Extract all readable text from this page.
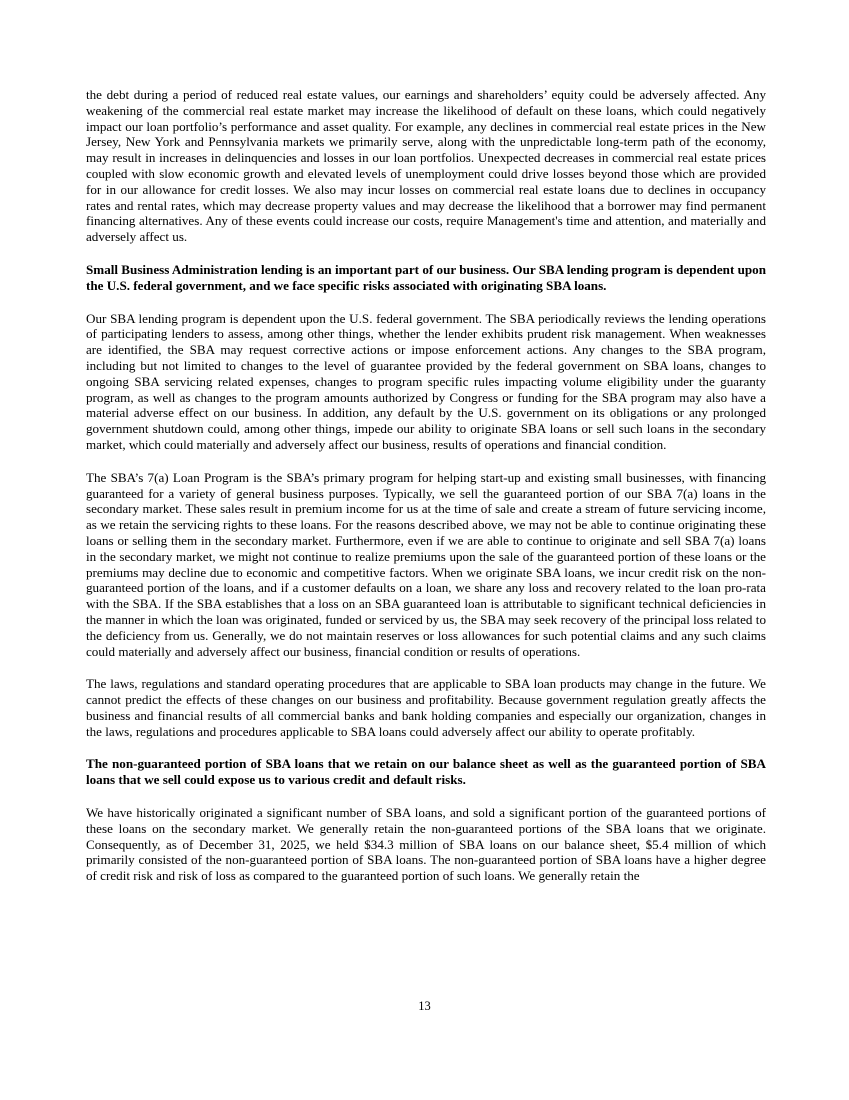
the debt during a period of reduced real estate values, our earnings and shareholders’ equity could be adversely affected. Any weakening of the commercial real estate market may increase the likelihood of default on these loans, which could negatively impact our loan portfolio’s performance and asset quality. For example, any declines in commercial real estate prices in the New Jersey, New York and Pennsylvania markets we primarily serve, along with the unpredictable long-term path of the economy, may result in increases in delinquencies and losses in our loan portfolios. Unexpected decreases in commercial real estate prices coupled with slow economic growth and elevated levels of unemployment could drive losses beyond those which are provided for in our allowance for credit losses. We also may incur losses on commercial real estate loans due to declines in occupancy rates and rental rates, which may decrease property values and may decrease the likelihood that a borrower may find permanent financing alternatives. Any of these events could increase our costs, require Management's time and attention, and materially and adversely affect us.

Small Business Administration lending is an important part of our business. Our SBA lending program is dependent upon the U.S. federal government, and we face specific risks associated with originating SBA loans.

Our SBA lending program is dependent upon the U.S. federal government. The SBA periodically reviews the lending operations of participating lenders to assess, among other things, whether the lender exhibits prudent risk management. When weaknesses are identified, the SBA may request corrective actions or impose enforcement actions. Any changes to the SBA program, including but not limited to changes to the level of guarantee provided by the federal government on SBA loans, changes to ongoing SBA servicing related expenses, changes to program specific rules impacting volume eligibility under the guaranty program, as well as changes to the program amounts authorized by Congress or funding for the SBA program may also have a material adverse effect on our business. In addition, any default by the U.S. government on its obligations or any prolonged government shutdown could, among other things, impede our ability to originate SBA loans or sell such loans in the secondary market, which could materially and adversely affect our business, results of operations and financial condition.

The SBA’s 7(a) Loan Program is the SBA’s primary program for helping start-up and existing small businesses, with financing guaranteed for a variety of general business purposes. Typically, we sell the guaranteed portion of our SBA 7(a) loans in the secondary market. These sales result in premium income for us at the time of sale and create a stream of future servicing income, as we retain the servicing rights to these loans. For the reasons described above, we may not be able to continue originating these loans or selling them in the secondary market. Furthermore, even if we are able to continue to originate and sell SBA 7(a) loans in the secondary market, we might not continue to realize premiums upon the sale of the guaranteed portion of these loans or the premiums may decline due to economic and competitive factors. When we originate SBA loans, we incur credit risk on the non-guaranteed portion of the loans, and if a customer defaults on a loan, we share any loss and recovery related to the loan pro-rata with the SBA. If the SBA establishes that a loss on an SBA guaranteed loan is attributable to significant technical deficiencies in the manner in which the loan was originated, funded or serviced by us, the SBA may seek recovery of the principal loss related to the deficiency from us. Generally, we do not maintain reserves or loss allowances for such potential claims and any such claims could materially and adversely affect our business, financial condition or results of operations.

The laws, regulations and standard operating procedures that are applicable to SBA loan products may change in the future. We cannot predict the effects of these changes on our business and profitability. Because government regulation greatly affects the business and financial results of all commercial banks and bank holding companies and especially our organization, changes in the laws, regulations and procedures applicable to SBA loans could adversely affect our ability to operate profitably.

The non-guaranteed portion of SBA loans that we retain on our balance sheet as well as the guaranteed portion of SBA loans that we sell could expose us to various credit and default risks.

We have historically originated a significant number of SBA loans, and sold a significant portion of the guaranteed portions of these loans on the secondary market. We generally retain the non-guaranteed portions of the SBA loans that we originate. Consequently, as of December 31, 2025, we held $34.3 million of SBA loans on our balance sheet, $5.4 million of which primarily consisted of the non-guaranteed portion of SBA loans. The non-guaranteed portion of SBA loans have a higher degree of credit risk and risk of loss as compared to the guaranteed portion of such loans. We generally retain the

13
